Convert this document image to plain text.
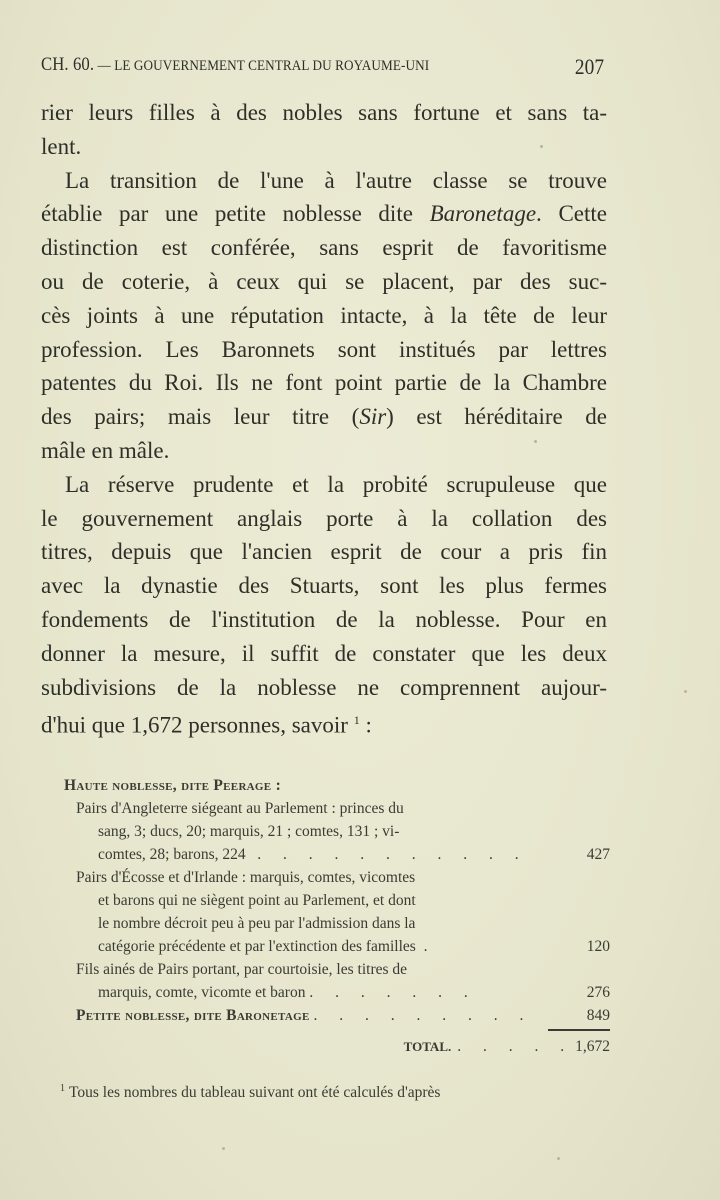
CH. 60. — LE GOUVERNEMENT CENTRAL DU ROYAUME-UNI	207
rier leurs filles à des nobles sans fortune et sans ta-
lent.
La transition de l'une à l'autre classe se trouve
établie par une petite noblesse dite Baronetage. Cette
distinction est conférée, sans esprit de favoritisme
ou de coterie, à ceux qui se placent, par des suc-
cès joints à une réputation intacte, à la tête de leur
profession. Les Baronnets sont institués par lettres
patentes du Roi. Ils ne font point partie de la Chambre
des pairs; mais leur titre (Sir) est héréditaire de
mâle en mâle.
La réserve prudente et la probité scrupuleuse que
le gouvernement anglais porte à la collation des
titres, depuis que l'ancien esprit de cour a pris fin
avec la dynastie des Stuarts, sont les plus fermes
fondements de l'institution de la noblesse. Pour en
donner la mesure, il suffit de constater que les deux
subdivisions de la noblesse ne comprennent aujour-
d'hui que 1,672 personnes, savoir $^1$ :
Haute noblesse, dite Peerage :
Pairs d'Angleterre siégeant au Parlement : princes du
sang, 3; ducs, 20; marquis, 21 ; comtes, 131 ; vi-
comtes, 28; barons, 224 . . . . . . . . . . .	427
Pairs d'Écosse et d'Irlande : marquis, comtes, vicomtes
et barons qui ne siègent point au Parlement, et dont
le nombre décroit peu à peu par l'admission dans la
catégorie précédente et par l'extinction des familles .	120
Fils ainés de Pairs portant, par courtoisie, les titres de
marquis, comte, vicomte et baron . . . . . . .	276
Petite noblesse, dite Baronetage . . . . . . . . .	849
TOTAL. . . . . . 1,672
$^1$ Tous les nombres du tableau suivant ont été calculés d'après
